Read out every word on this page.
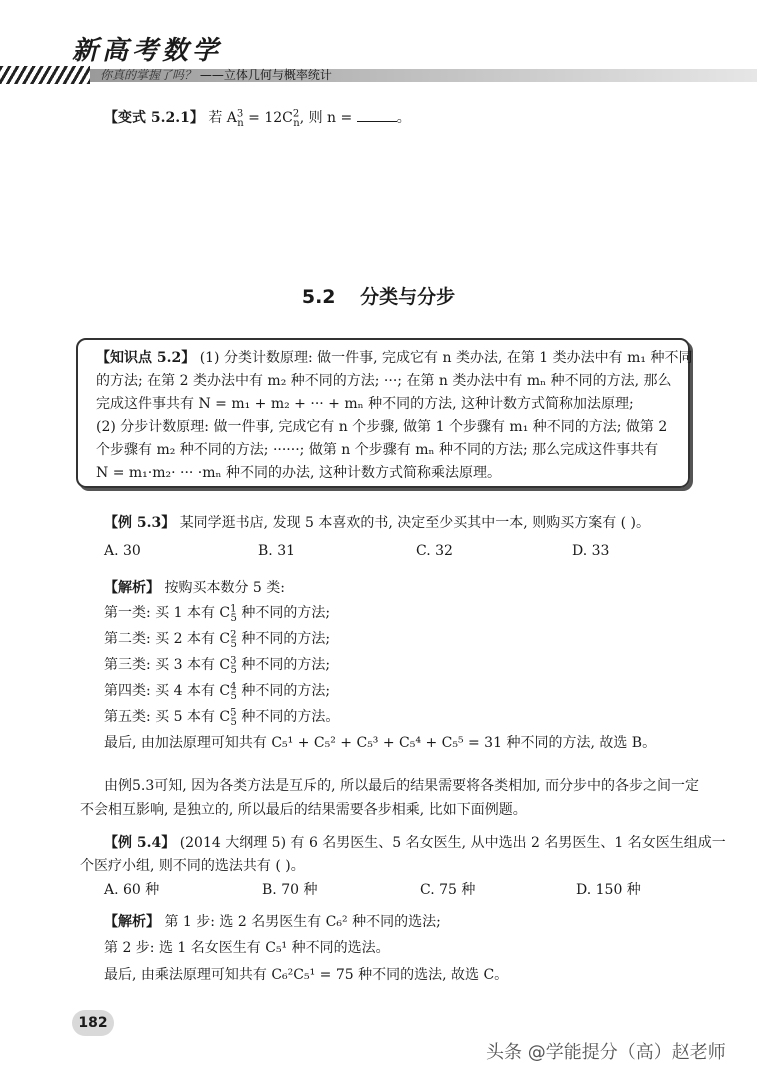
新高考数学
你真的掌握了吗？ ——立体几何与概率统计
【变式 5.2.1】 若 $A^3_n = 12C^2_n$, 则 n =	。
5.2 分类与分步
【知识点 5.2】 (1) 分类计数原理: 做一件事, 完成它有 n 类办法, 在第 1 类办法中有 m₁ 种不同
的方法; 在第 2 类办法中有 m₂ 种不同的方法; ···; 在第 n 类办法中有 mₙ 种不同的方法, 那么
完成这件事共有 N = m₁ + m₂ + ··· + mₙ 种不同的方法, 这种计数方式简称加法原理;
(2) 分步计数原理: 做一件事, 完成它有 n 个步骤, 做第 1 个步骤有 m₁ 种不同的方法; 做第 2
个步骤有 m₂ 种不同的方法; ······; 做第 n 个步骤有 mₙ 种不同的方法; 那么完成这件事共有
N = m₁·m₂· ··· ·mₙ 种不同的办法, 这种计数方式简称乘法原理。
【例 5.3】 某同学逛书店, 发现 5 本喜欢的书, 决定至少买其中一本, 则购买方案有 ( )。
A. 30	B. 31	C. 32	D. 33
【解析】 按购买本数分 5 类:
第一类: 买 1 本有 $C^1_5$ 种不同的方法;
第二类: 买 2 本有 $C^2_5$ 种不同的方法;
第三类: 买 3 本有 $C^3_5$ 种不同的方法;
第四类: 买 4 本有 $C^4_5$ 种不同的方法;
第五类: 买 5 本有 $C^5_5$ 种不同的方法。
最后, 由加法原理可知共有 C₅¹ + C₅² + C₅³ + C₅⁴ + C₅⁵ = 31 种不同的方法, 故选 B。
由例5.3可知, 因为各类方法是互斥的, 所以最后的结果需要将各类相加, 而分步中的各步之间一定
不会相互影响, 是独立的, 所以最后的结果需要各步相乘, 比如下面例题。
【例 5.4】 (2014 大纲理 5) 有 6 名男医生、5 名女医生, 从中选出 2 名男医生、1 名女医生组成一
个医疗小组, 则不同的选法共有 ( )。
A. 60 种	B. 70 种	C. 75 种	D. 150 种
【解析】 第 1 步: 选 2 名男医生有 C₆² 种不同的选法;
第 2 步: 选 1 名女医生有 C₅¹ 种不同的选法。
最后, 由乘法原理可知共有 C₆²C₅¹ = 75 种不同的选法, 故选 C。
182
头条 @学能提分（高）赵老师
